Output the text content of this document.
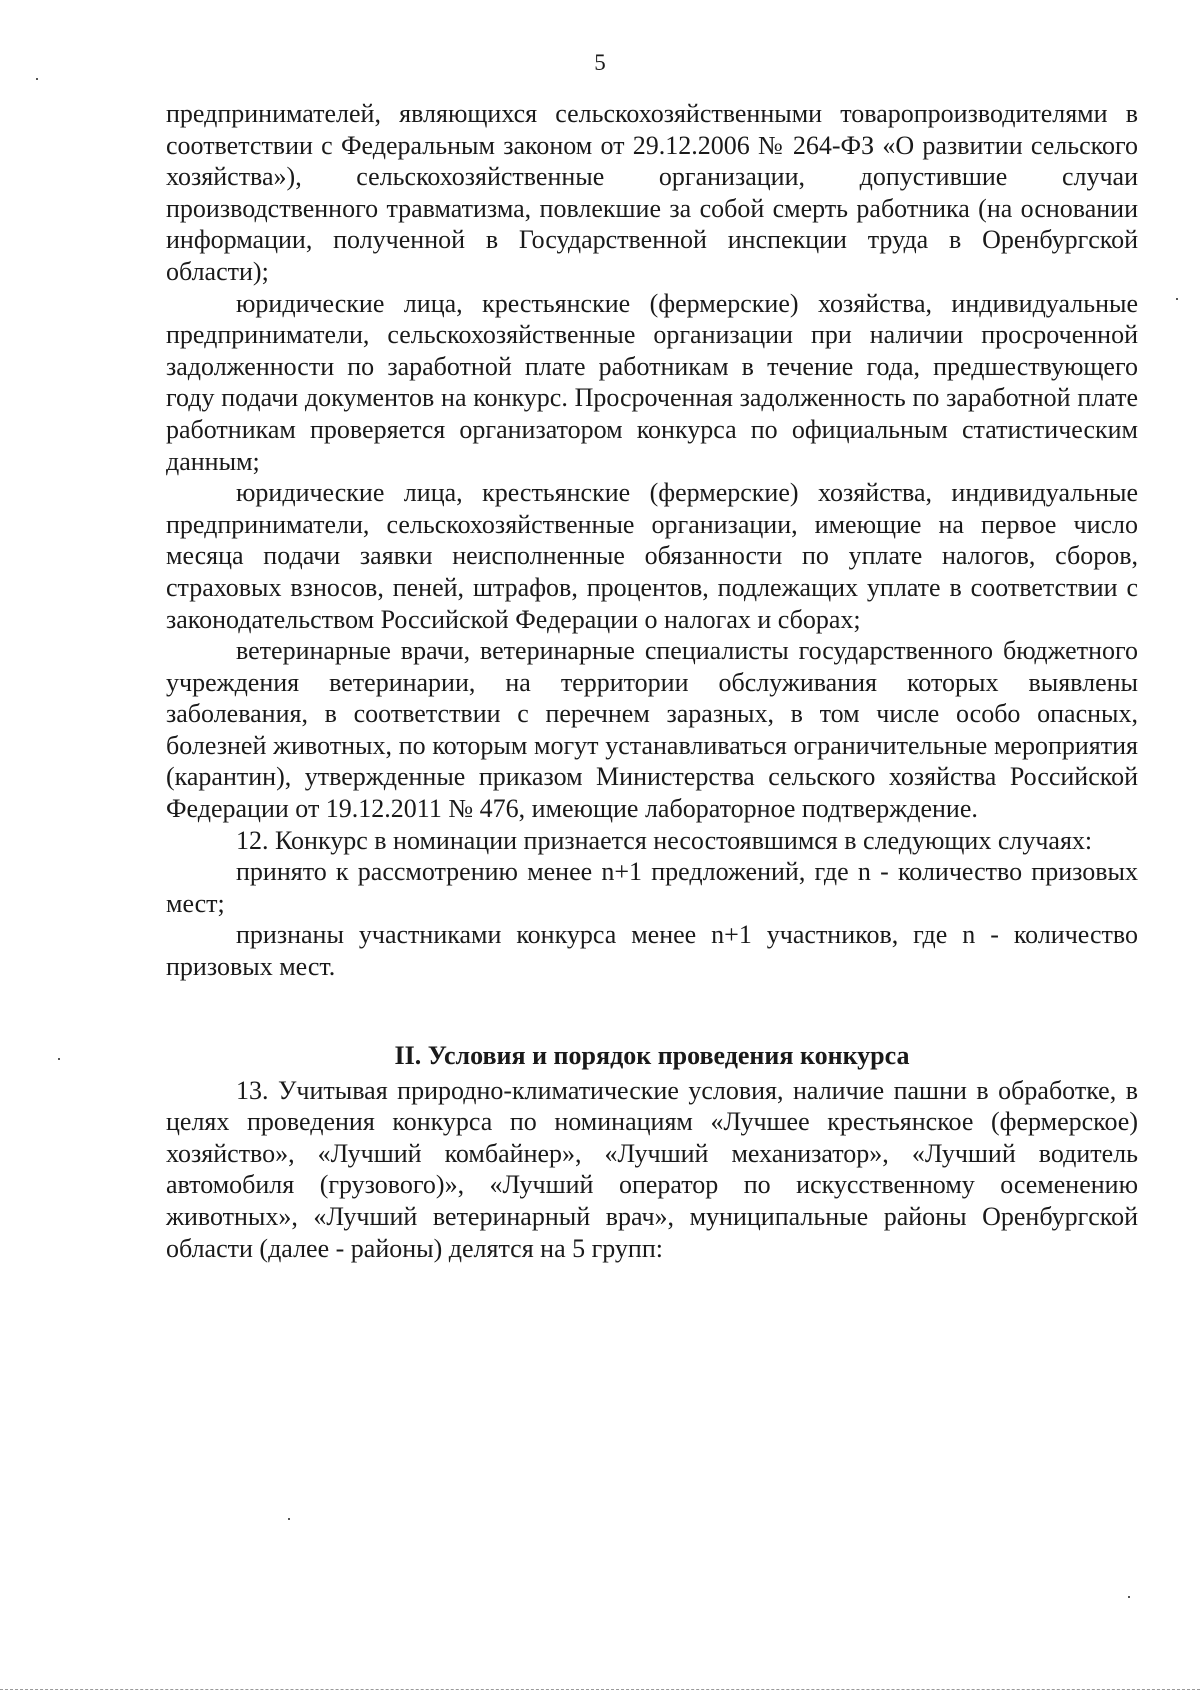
5

предпринимателей, являющихся сельскохозяйственными товаропроизводителями в соответствии с Федеральным законом от 29.12.2006 № 264-ФЗ «О развитии сельского хозяйства»), сельскохозяйственные организации, допустившие случаи производственного травматизма, повлекшие за собой смерть работника (на основании информации, полученной в Государственной инспекции труда в Оренбургской области);

юридические лица, крестьянские (фермерские) хозяйства, индивидуальные предприниматели, сельскохозяйственные организации при наличии просроченной задолженности по заработной плате работникам в течение года, предшествующего году подачи документов на конкурс. Просроченная задолженность по заработной плате работникам проверяется организатором конкурса по официальным статистическим данным;

юридические лица, крестьянские (фермерские) хозяйства, индивидуальные предприниматели, сельскохозяйственные организации, имеющие на первое число месяца подачи заявки неисполненные обязанности по уплате налогов, сборов, страховых взносов, пеней, штрафов, процентов, подлежащих уплате в соответствии с законодательством Российской Федерации о налогах и сборах;

ветеринарные врачи, ветеринарные специалисты государственного бюджетного учреждения ветеринарии, на территории обслуживания которых выявлены заболевания, в соответствии с перечнем заразных, в том числе особо опасных, болезней животных, по которым могут устанавливаться ограничительные мероприятия (карантин), утвержденные приказом Министерства сельского хозяйства Российской Федерации от 19.12.2011 № 476, имеющие лабораторное подтверждение.

12. Конкурс в номинации признается несостоявшимся в следующих случаях:

принято к рассмотрению менее n+1 предложений, где n - количество призовых мест;

признаны участниками конкурса менее n+1 участников, где n - количество призовых мест.

II. Условия и порядок проведения конкурса

13. Учитывая природно-климатические условия, наличие пашни в обработке, в целях проведения конкурса по номинациям «Лучшее крестьянское (фермерское) хозяйство», «Лучший комбайнер», «Лучший механизатор», «Лучший водитель автомобиля (грузового)», «Лучший оператор по искусственному осеменению животных», «Лучший ветеринарный врач», муниципальные районы Оренбургской области (далее - районы) делятся на 5 групп:
